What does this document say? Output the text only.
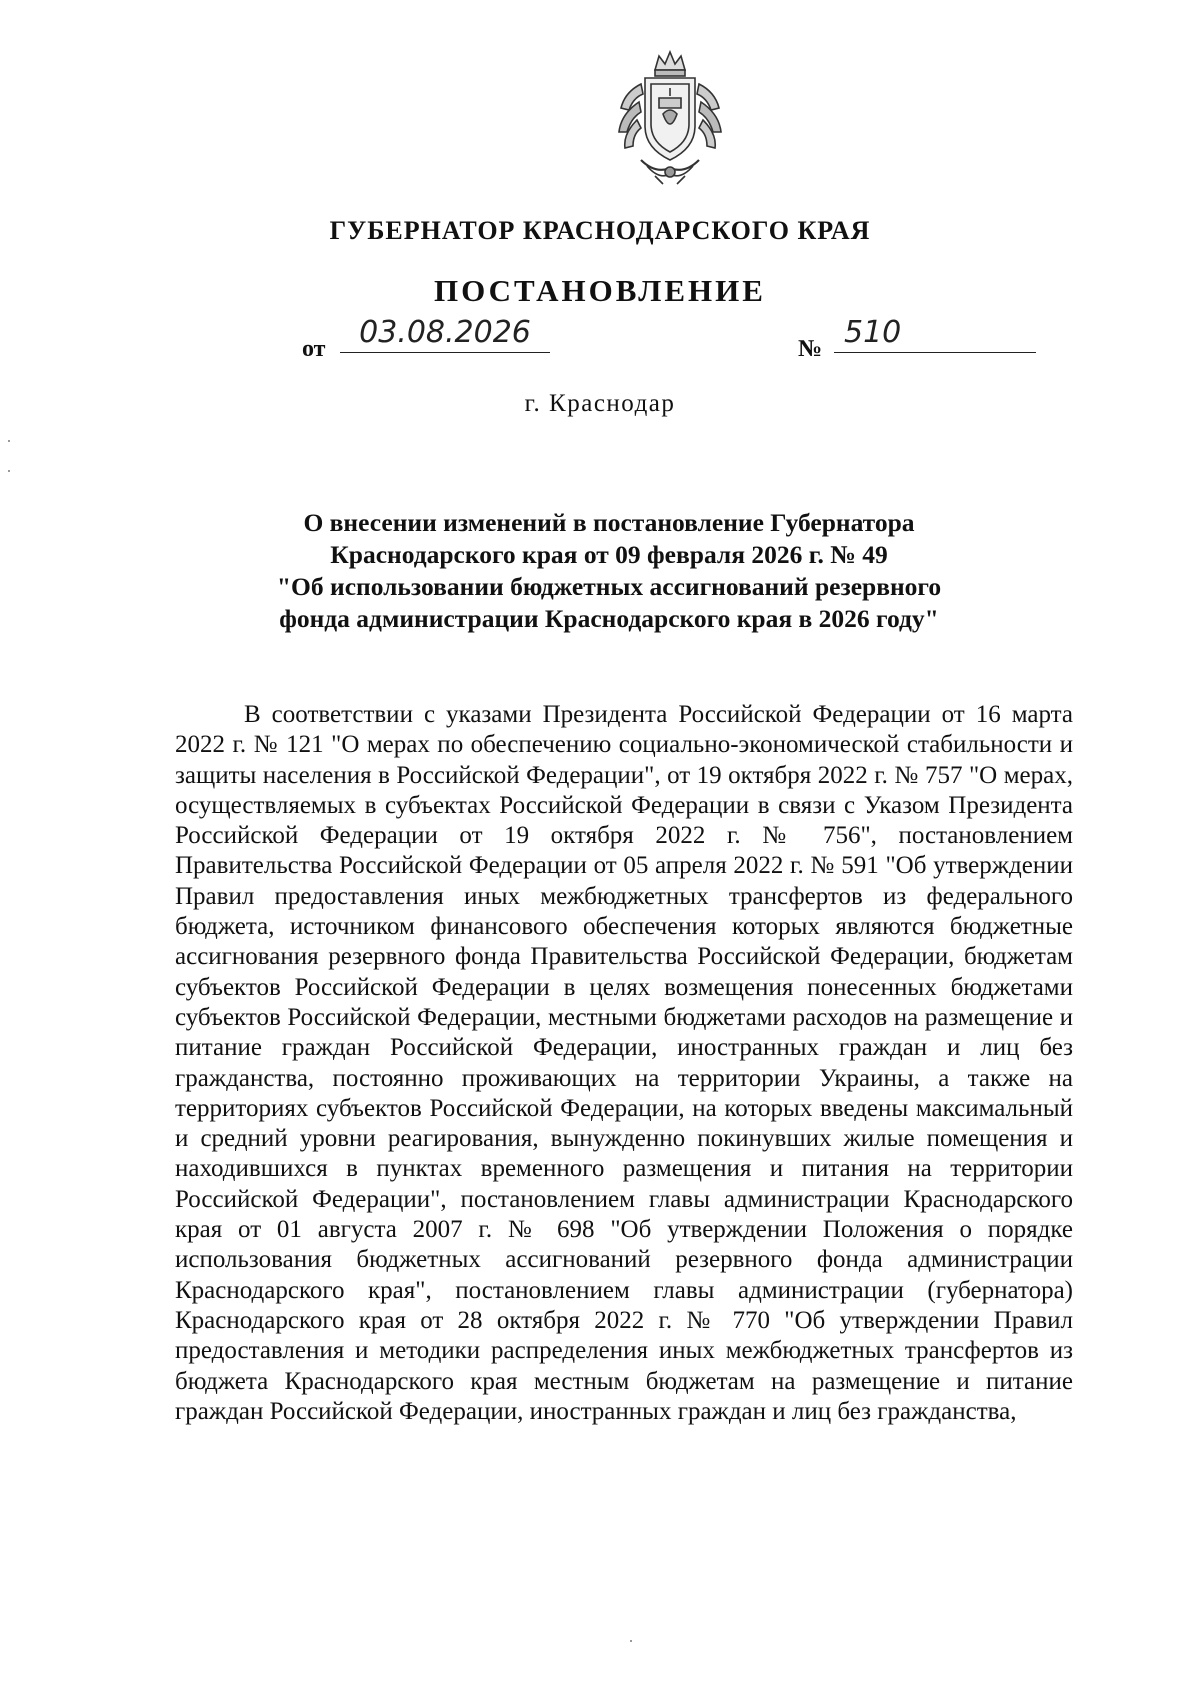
ГУБЕРНАТОР КРАСНОДАРСКОГО КРАЯ
ПОСТАНОВЛЕНИЕ
от	03.08.2026	№ 510
г. Краснодар
О внесении изменений в постановление Губернатора
Краснодарского края от 09 февраля 2026 г. № 49
"Об использовании бюджетных ассигнований резервного
фонда администрации Краснодарского края в 2026 году"

В соответствии с указами Президента Российской Федерации от 16 марта 2022 г. № 121 "О мерах по обеспечению социально-экономической стабильности и защиты населения в Российской Федерации", от 19 октября 2022 г. № 757 "О мерах, осуществляемых в субъектах Российской Федерации в связи с Указом Президента Российской Федерации от 19 октября 2022 г. № 756", постановлением Правительства Российской Федерации от 05 апреля 2022 г. № 591 "Об утверждении Правил предоставления иных межбюджетных трансфертов из федерального бюджета, источником финансового обеспечения которых являются бюджетные ассигнования резервного фонда Правительства Российской Федерации, бюджетам субъектов Российской Федерации в целях возмещения понесенных бюджетами субъектов Российской Федерации, местными бюджетами расходов на размещение и питание граждан Российской Федерации, иностранных граждан и лиц без гражданства, постоянно проживающих на территории Украины, а также на территориях субъектов Российской Федерации, на которых введены максимальный и средний уровни реагирования, вынужденно покинувших жилые помещения и находившихся в пунктах временного размещения и питания на территории Российской Федерации", постановлением главы администрации Краснодарского края от 01 августа 2007 г. № 698 "Об утверждении Положения о порядке использования бюджетных ассигнований резервного фонда администрации Краснодарского края", постановлением главы администрации (губернатора) Краснодарского края от 28 октября 2022 г. № 770 "Об утверждении Правил предоставления и методики распределения иных межбюджетных трансфертов из бюджета Краснодарского края местным бюджетам на размещение и питание граждан Российской Федерации, иностранных граждан и лиц без гражданства,
